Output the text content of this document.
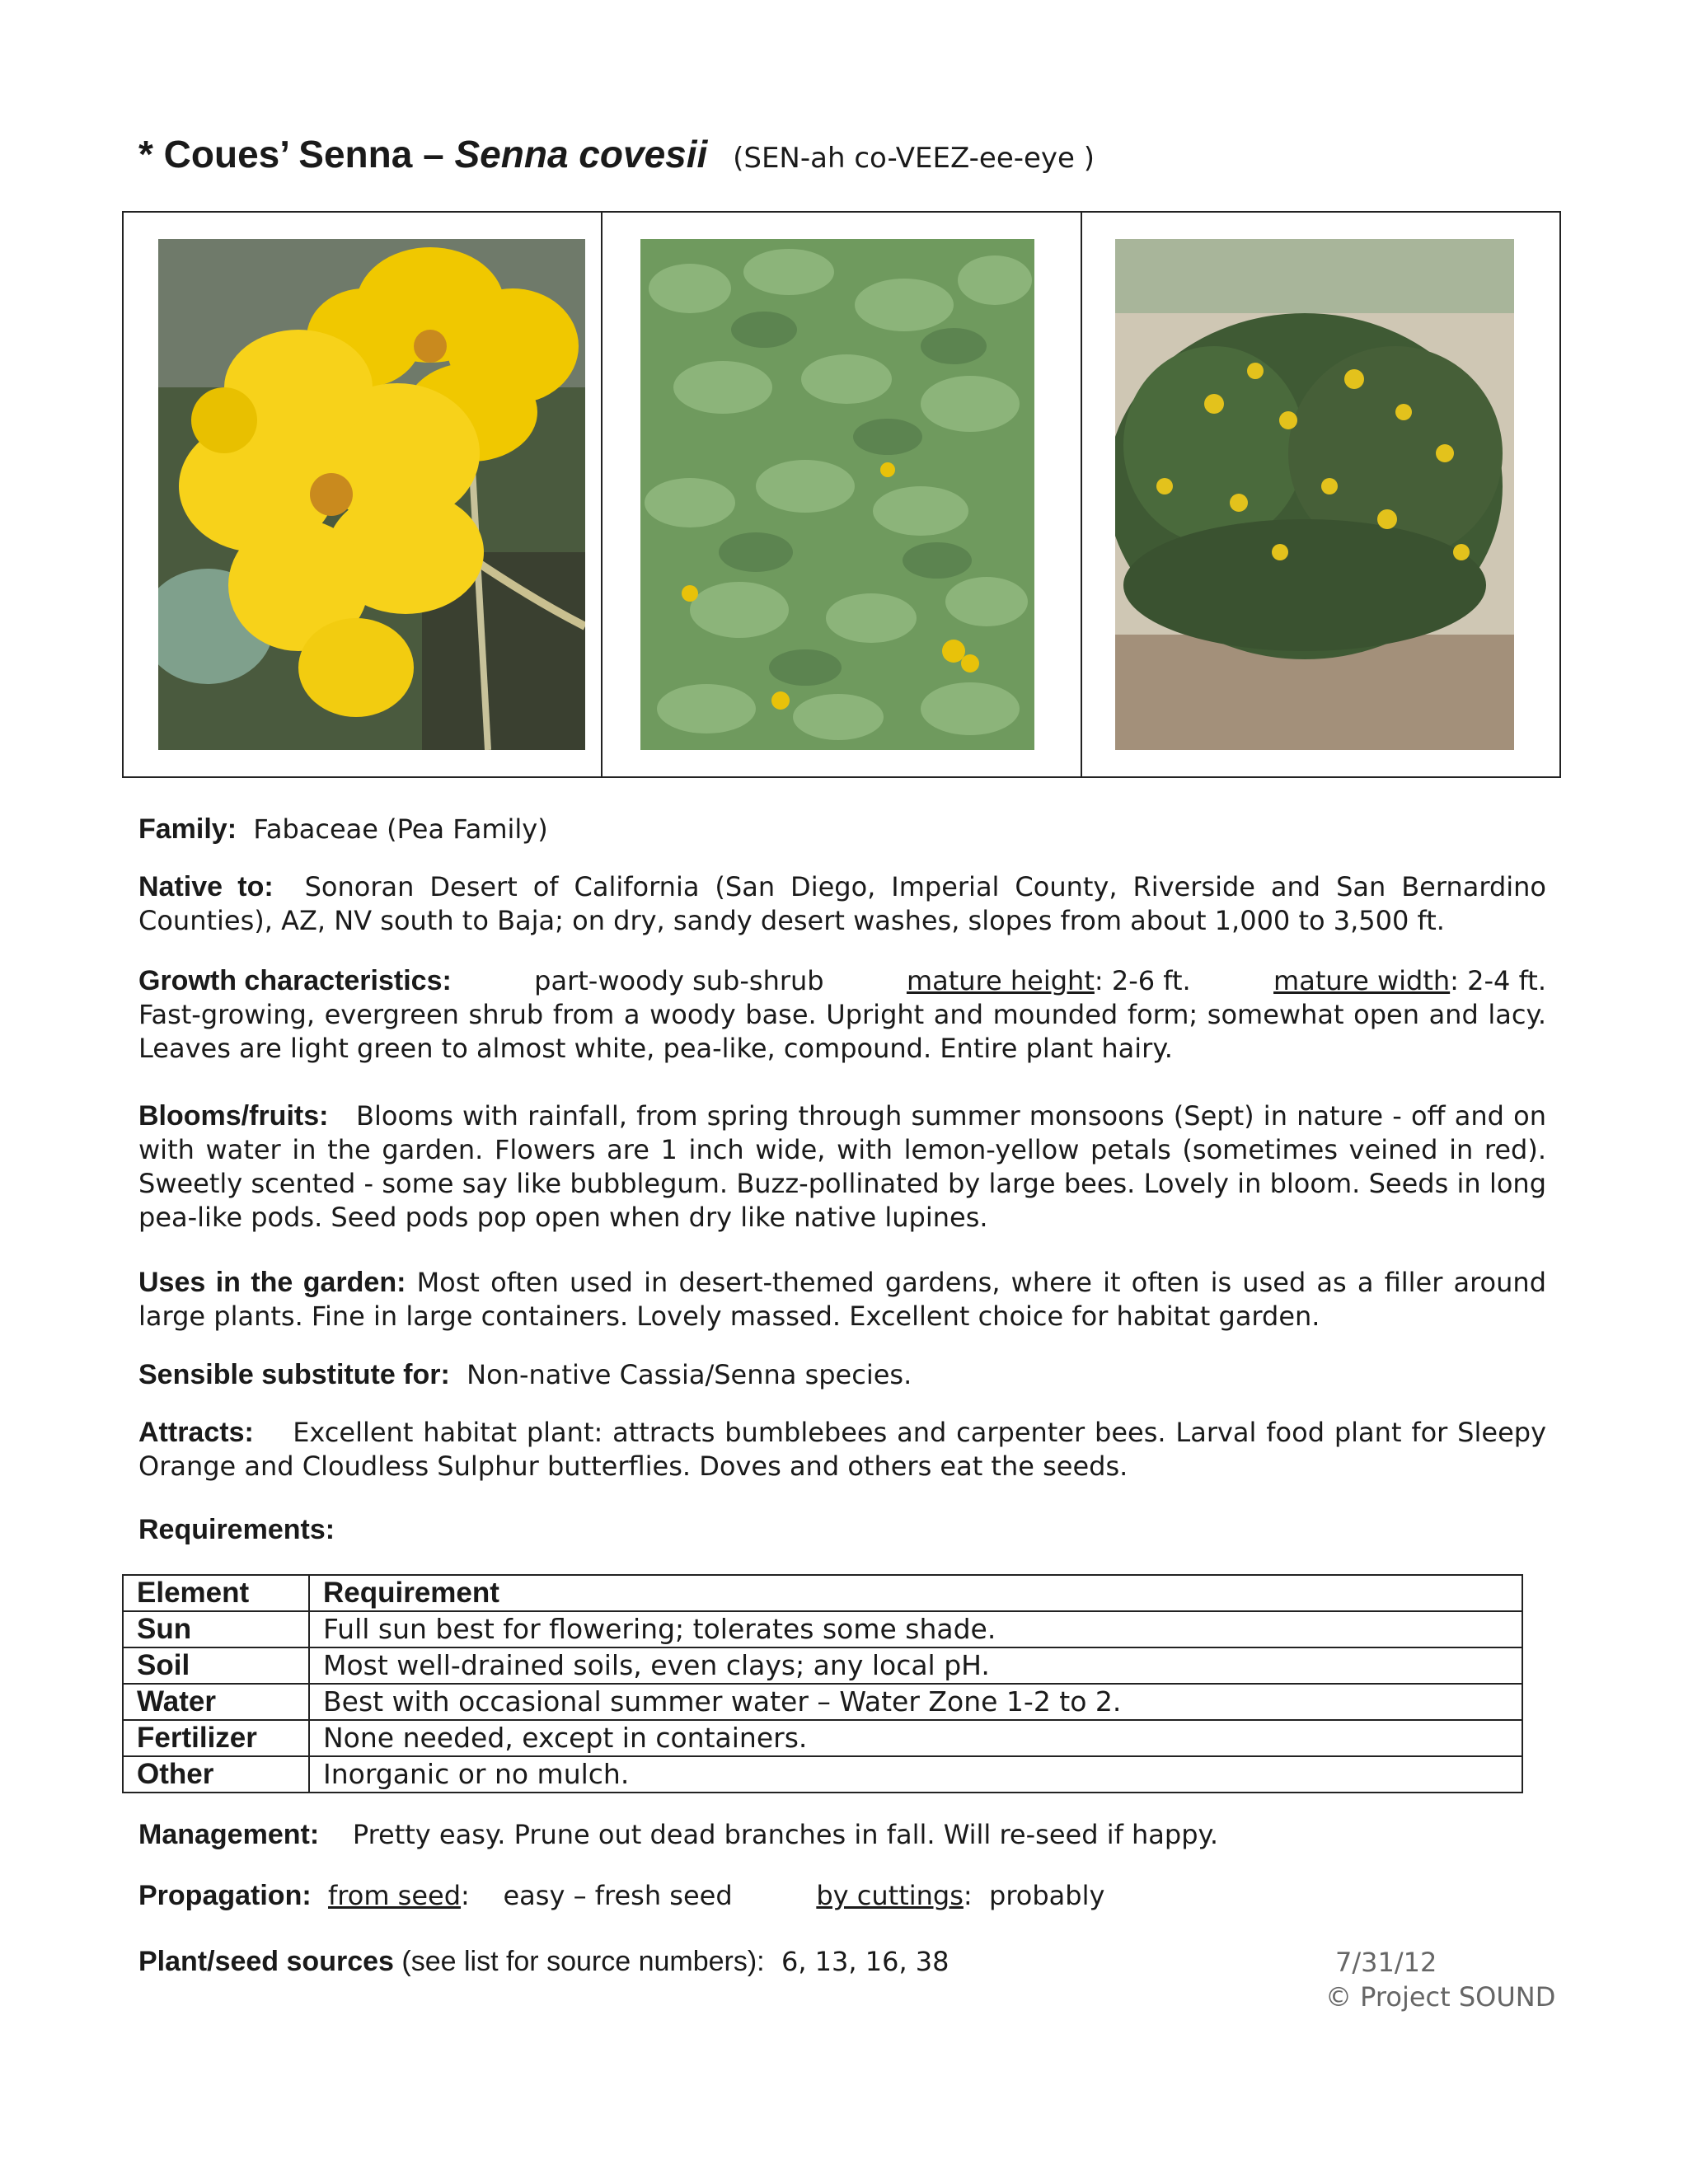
* Coues’ Senna – Senna covesii (SEN-ah co-VEEZ-ee-eye )
Family: Fabaceae (Pea Family)
Native to: Sonoran Desert of California (San Diego, Imperial County, Riverside and San Bernardino Counties), AZ, NV south to Baja; on dry, sandy desert washes, slopes from about 1,000 to 3,500 ft.
Growth characteristics:	part-woody sub-shrub	mature height: 2-6 ft.	mature width: 2-4 ft.
Fast-growing, evergreen shrub from a woody base. Upright and mounded form; somewhat open and lacy. Leaves are light green to almost white, pea-like, compound. Entire plant hairy.
Blooms/fruits: Blooms with rainfall, from spring through summer monsoons (Sept) in nature - off and on with water in the garden. Flowers are 1 inch wide, with lemon-yellow petals (sometimes veined in red). Sweetly scented - some say like bubblegum. Buzz-pollinated by large bees. Lovely in bloom. Seeds in long pea-like pods. Seed pods pop open when dry like native lupines.
Uses in the garden: Most often used in desert-themed gardens, where it often is used as a filler around large plants. Fine in large containers. Lovely massed. Excellent choice for habitat garden.
Sensible substitute for: Non-native Cassia/Senna species.
Attracts: Excellent habitat plant: attracts bumblebees and carpenter bees. Larval food plant for Sleepy Orange and Cloudless Sulphur butterflies. Doves and others eat the seeds.
Requirements:
Element	Requirement
Sun	Full sun best for flowering; tolerates some shade.
Soil	Most well-drained soils, even clays; any local pH.
Water	Best with occasional summer water – Water Zone 1-2 to 2.
Fertilizer	None needed, except in containers.
Other	Inorganic or no mulch.
Management: Pretty easy. Prune out dead branches in fall. Will re-seed if happy.
Propagation: from seed:    easy – fresh seed	by cuttings:  probably
Plant/seed sources (see list for source numbers): 6, 13, 16, 38	7/31/12
© Project SOUND
